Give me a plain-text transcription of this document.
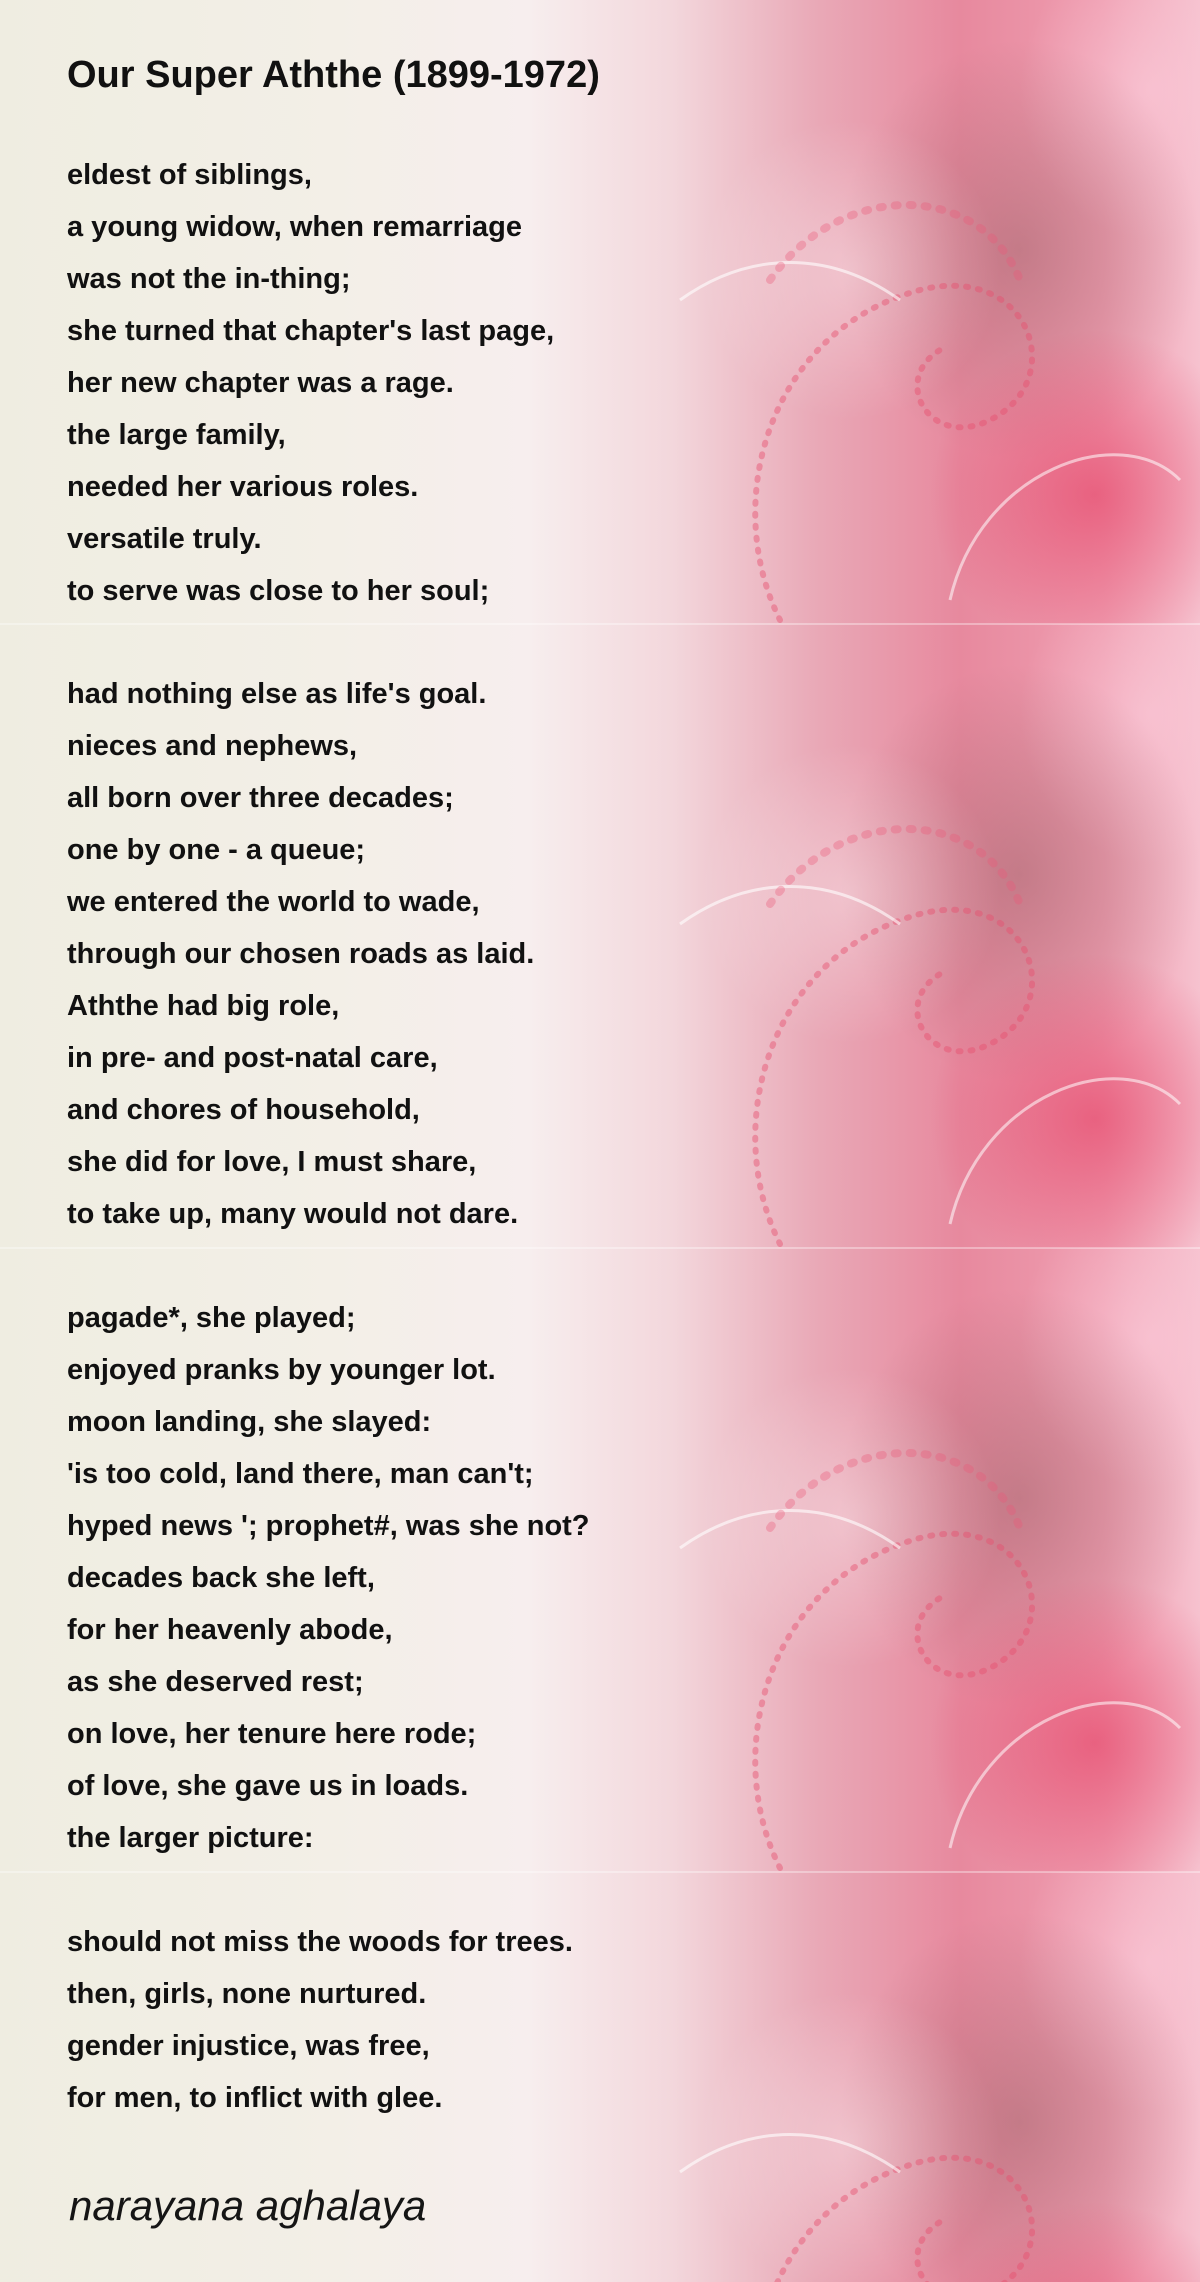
Our Super Aththe (1899-1972)

eldest of siblings,

a young widow, when remarriage

was not the in-thing;

she turned that chapter's last page,

her new chapter was a rage.

the large family,

needed her various roles.

versatile truly.

to serve was close to her soul;

had nothing else as life's goal.

nieces and nephews,

all born over three decades;

one by one - a queue;

we entered the world to wade,

through our chosen roads as laid.

Aththe had big role,

in pre- and post-natal care,

and chores of household,

she did for love, I must share,

to take up, many would not dare.

pagade*, she played;

enjoyed pranks by younger lot.

moon landing, she slayed:

'is too cold, land there, man can't;

hyped news '; prophet#, was she not?

decades back she left,

for her heavenly abode,

as she deserved rest;

on love, her tenure here rode;

of love, she gave us in loads.

the larger picture:

should not miss the woods for trees.

then, girls, none nurtured.

gender injustice, was free,

for men, to inflict with glee.

narayana aghalaya
